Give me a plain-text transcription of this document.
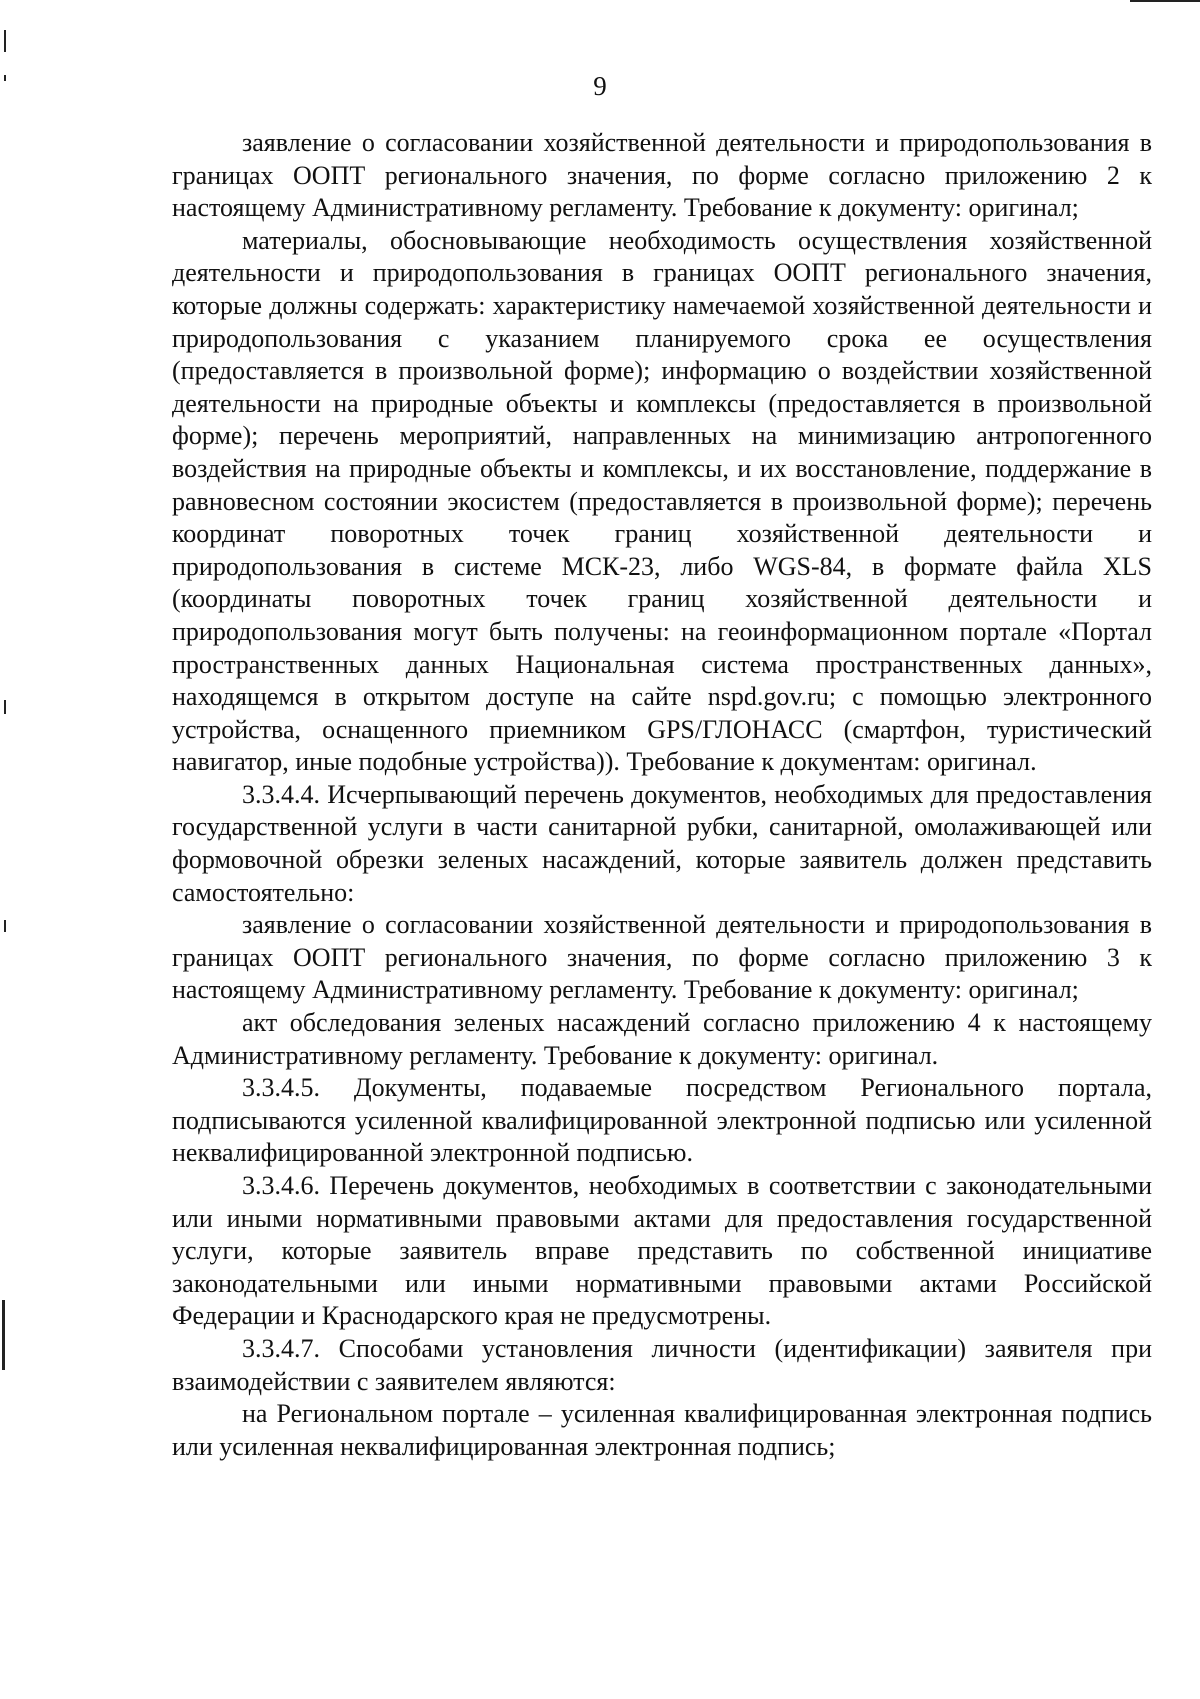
9

заявление о согласовании хозяйственной деятельности и природопользования в границах ООПТ регионального значения, по форме согласно приложению 2 к настоящему Административному регламенту. Требование к документу: оригинал;

материалы, обосновывающие необходимость осуществления хозяйственной деятельности и природопользования в границах ООПТ регионального значения, которые должны содержать: характеристику намечаемой хозяйственной деятельности и природопользования с указанием планируемого срока ее осуществления (предоставляется в произвольной форме); информацию о воздействии хозяйственной деятельности на природные объекты и комплексы (предоставляется в произвольной форме); перечень мероприятий, направленных на минимизацию антропогенного воздействия на природные объекты и комплексы, и их восстановление, поддержание в равновесном состоянии экосистем (предоставляется в произвольной форме); перечень координат поворотных точек границ хозяйственной деятельности и природопользования в системе МСК-23, либо WGS-84, в формате файла XLS (координаты поворотных точек границ хозяйственной деятельности и природопользования могут быть получены: на геоинформационном портале «Портал пространственных данных Национальная система пространственных данных», находящемся в открытом доступе на сайте nspd.gov.ru; с помощью электронного устройства, оснащенного приемником GPS/ГЛОНАСС (смартфон, туристический навигатор, иные подобные устройства)). Требование к документам: оригинал.

3.3.4.4. Исчерпывающий перечень документов, необходимых для предоставления государственной услуги в части санитарной рубки, санитарной, омолаживающей или формовочной обрезки зеленых насаждений, которые заявитель должен представить самостоятельно:

заявление о согласовании хозяйственной деятельности и природопользования в границах ООПТ регионального значения, по форме согласно приложению 3 к настоящему Административному регламенту. Требование к документу: оригинал;

акт обследования зеленых насаждений согласно приложению 4 к настоящему Административному регламенту. Требование к документу: оригинал.

3.3.4.5. Документы, подаваемые посредством Регионального портала, подписываются усиленной квалифицированной электронной подписью или усиленной неквалифицированной электронной подписью.

3.3.4.6. Перечень документов, необходимых в соответствии с законодательными или иными нормативными правовыми актами для предоставления государственной услуги, которые заявитель вправе представить по собственной инициативе законодательными или иными нормативными правовыми актами Российской Федерации и Краснодарского края не предусмотрены.

3.3.4.7. Способами установления личности (идентификации) заявителя при взаимодействии с заявителем являются:

на Региональном портале – усиленная квалифицированная электронная подпись или усиленная неквалифицированная электронная подпись;
